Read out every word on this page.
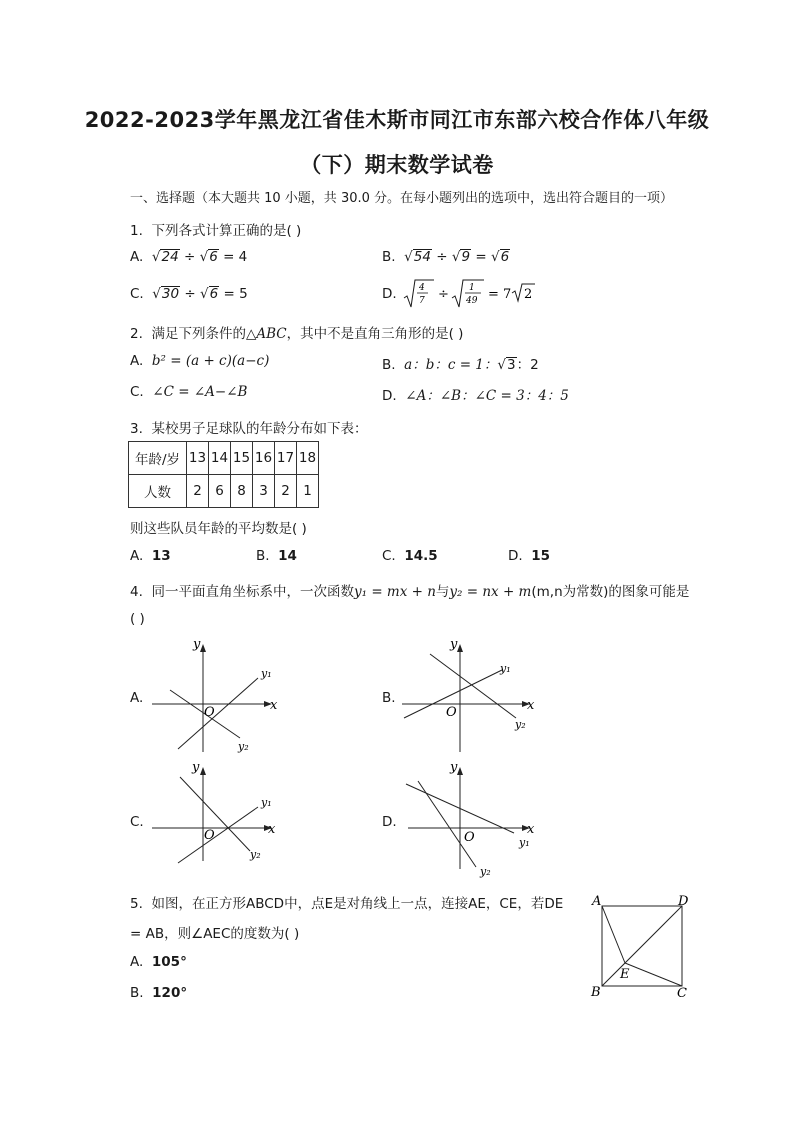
2022-2023学年黑龙江省佳木斯市同江市东部六校合作体八年级
（下）期末数学试卷
一、选择题（本大题共 10 小题，共 30.0 分。在每小题列出的选项中，选出符合题目的一项）
1. 下列各式计算正确的是( )
A.  √24 ÷ √6 = 4	B.  √54 ÷ √9 = √6
C.  √30 ÷ √6 = 5	D. 4
7 ÷ 1
49 = 7 2
2. 满足下列条件的△ABC，其中不是直角三角形的是( )
A. b² = (a + c)(a−c)	B. a：b：c = 1：√3：2
C. ∠C = ∠A−∠B	D. ∠A：∠B：∠C = 3：4：5
3. 某校男子足球队的年龄分布如下表：
年龄/岁	13	14	15	16	17	18
人数	2	6	8	3	2	1
则这些队员年龄的平均数是( )
A. 13	B. 14	C. 14.5	D. 15
4. 同一平面直角坐标系中，一次函数y₁ = mx + n与y₂ = nx + m(m,n为常数)的图象可能是
( )
A.	x
y
O
y₁
y₂
B.	x
y
O
y₁
y₂
C.	x
y
O
y₁
y₂
D.	x
y
O	y₁
y₂
5. 如图，在正方形ABCD中，点E是对角线上一点，连接AE，CE，若DE
= AB，则∠AEC的度数为( )
A. 105°
B. 120°
A	D
B	C
E
